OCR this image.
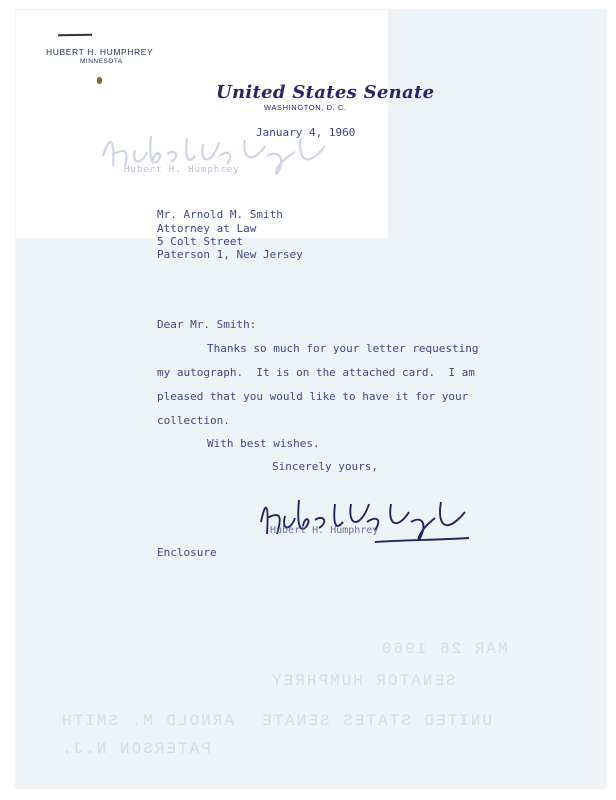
HUBERT H. HUMPHREY
MINNESOTA
United States Senate
WASHINGTON, D. C.
Hubert H. Humphrey
January 4, 1960
Mr. Arnold M. Smith
Attorney at Law
5 Colt Street
Paterson 1, New Jersey
Dear Mr. Smith:
Thanks so much for your letter requesting
my autograph.  It is on the attached card.  I am
pleased that you would like to have it for your
collection.
With best wishes.
Sincerely yours,
Hubert H. Humphrey
Enclosure
MAR 26 1960
SENATOR HUMPHREY
UNITED STATES SENATE
ARNOLD M. SMITH
PATERSON N.J.
